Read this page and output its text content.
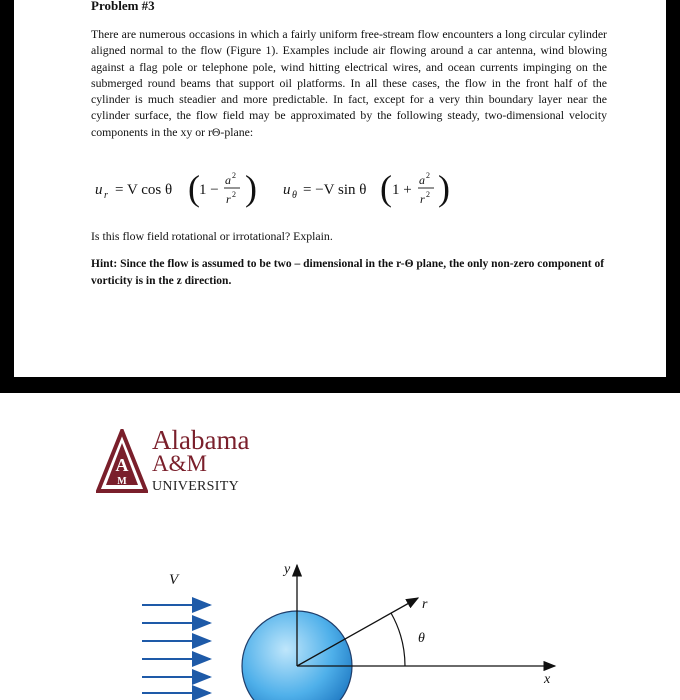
Problem #3
There are numerous occasions in which a fairly uniform free-stream flow encounters a long circular cylinder aligned normal to the flow (Figure 1). Examples include air flowing around a car antenna, wind blowing against a flag pole or telephone pole, wind hitting electrical wires, and ocean currents impinging on the submerged round beams that support oil platforms. In all these cases, the flow in the front half of the cylinder is much steadier and more predictable. In fact, except for a very thin boundary layer near the cylinder surface, the flow field may be approximated by the following steady, two-dimensional velocity components in the xy or rΘ-plane:
u r = V cos θ ( 1 −
a 2
r 2 ) u θ = −V sin θ ( 1 +
a 2
r 2 )
Is this flow field rotational or irrotational? Explain.
Hint: Since the flow is assumed to be two – dimensional in the r-Θ plane, the only non-zero component of vorticity is in the z direction.
A
M
Alabama
A&M
UNIVERSITY
V
y
x
r
θ
